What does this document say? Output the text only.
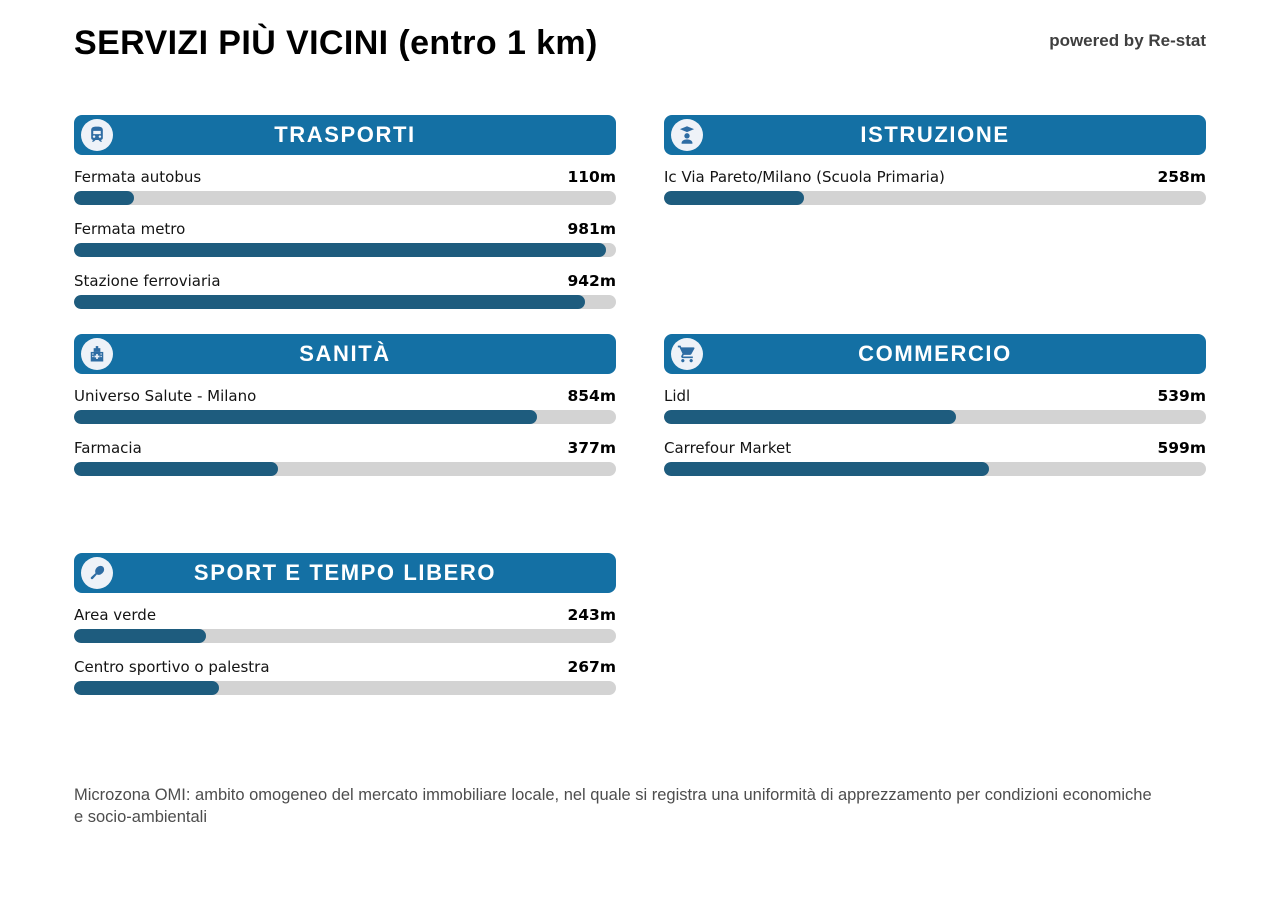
SERVIZI PIÙ VICINI (entro 1 km)	powered by Re-stat
TRASPORTI
Fermata autobus	110m
Fermata metro	981m
Stazione ferroviaria	942m
ISTRUZIONE
Ic Via Pareto/Milano (Scuola Primaria)	258m
SANITÀ
Universo Salute - Milano	854m
Farmacia	377m
COMMERCIO
Lidl	539m
Carrefour Market	599m
SPORT E TEMPO LIBERO
Area verde	243m
Centro sportivo o palestra	267m

Microzona OMI: ambito omogeneo del mercato immobiliare locale, nel quale si registra una uniformità di apprezzamento per condizioni economiche e socio-ambientali
